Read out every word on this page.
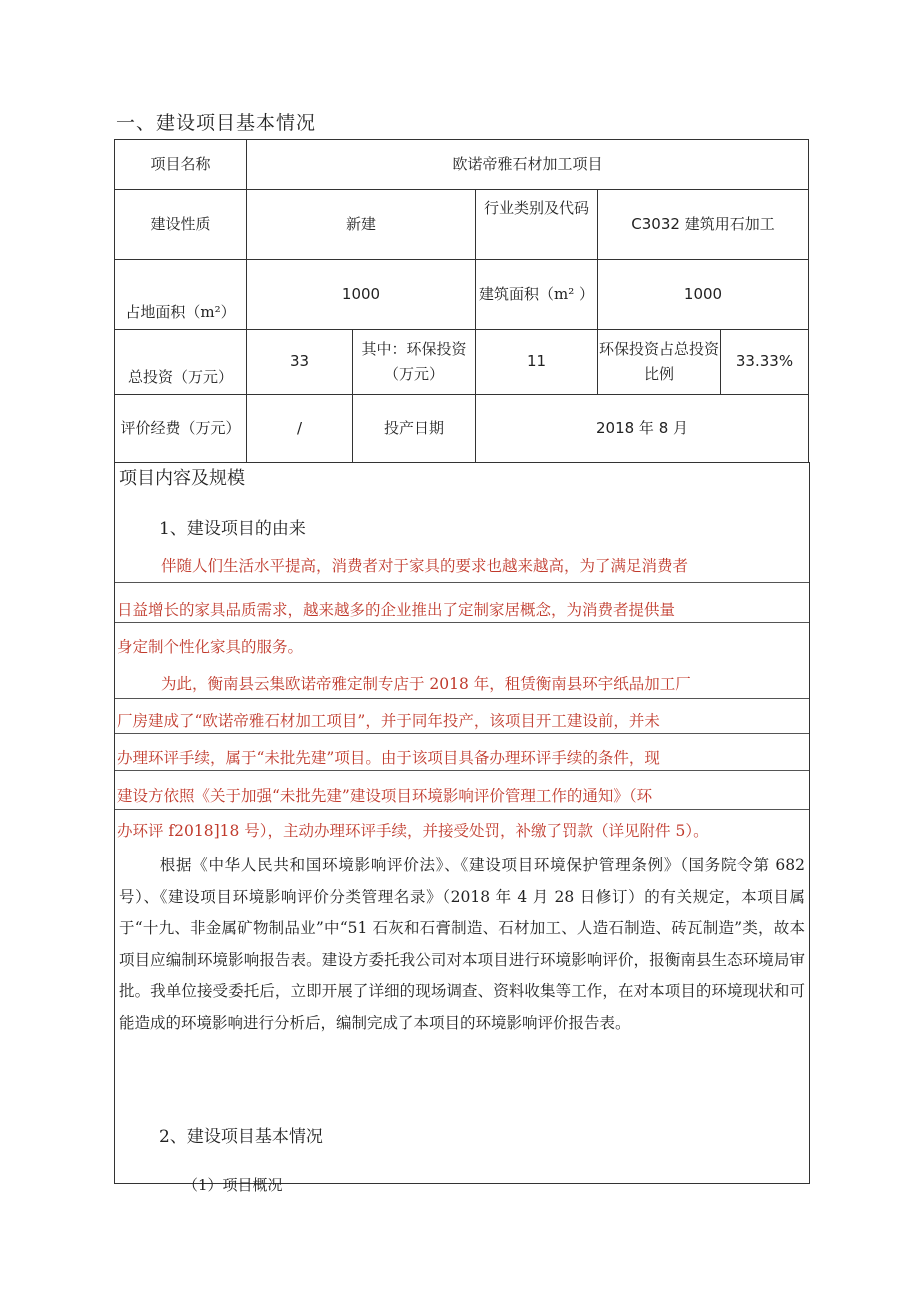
一、建设项目基本情况
项目名称	欧诺帝雅石材加工项目				
建设性质	新建		行业类别及代码	C3032 建筑用石加工	
占地面积（m²）	1000		建筑面积（m² ）	1000	
总投资（万元）	33	其中：环保投资（万元）	11	环保投资占总投资比例	33.33%
评价经费（万元）	/	投产日期	2018 年 8 月		
项目内容及规模
1、建设项目的由来
伴随人们生活水平提高，消费者对于家具的要求也越来越高，为了满足消费者
日益增长的家具品质需求，越来越多的企业推出了定制家居概念，为消费者提供量
身定制个性化家具的服务。
为此，衡南县云集欧诺帝雅定制专店于 2018 年，租赁衡南县环宇纸品加工厂
厂房建成了“欧诺帝雅石材加工项目”，并于同年投产，该项目开工建设前，并未
办理环评手续，属于“未批先建”项目。由于该项目具备办理环评手续的条件，现
建设方依照《关于加强“未批先建”建设项目环境影响评价管理工作的通知》（环
办环评 f2018]18 号），主动办理环评手续，并接受处罚，补缴了罚款（详见附件 5）。
根据《中华人民共和国环境影响评价法》、《建设项目环境保护管理条例》（国务院令第 682 号）、《建设项目环境影响评价分类管理名录》（2018 年 4 月 28 日修订）的有关规定，本项目属于“十九、非金属矿物制品业”中“51 石灰和石膏制造、石材加工、人造石制造、砖瓦制造”类，故本项目应编制环境影响报告表。建设方委托我公司对本项目进行环境影响评价，报衡南县生态环境局审批。我单位接受委托后，立即开展了详细的现场调查、资料收集等工作，在对本项目的环境现状和可能造成的环境影响进行分析后，编制完成了本项目的环境影响评价报告表。
2、建设项目基本情况
（1）项目概况
